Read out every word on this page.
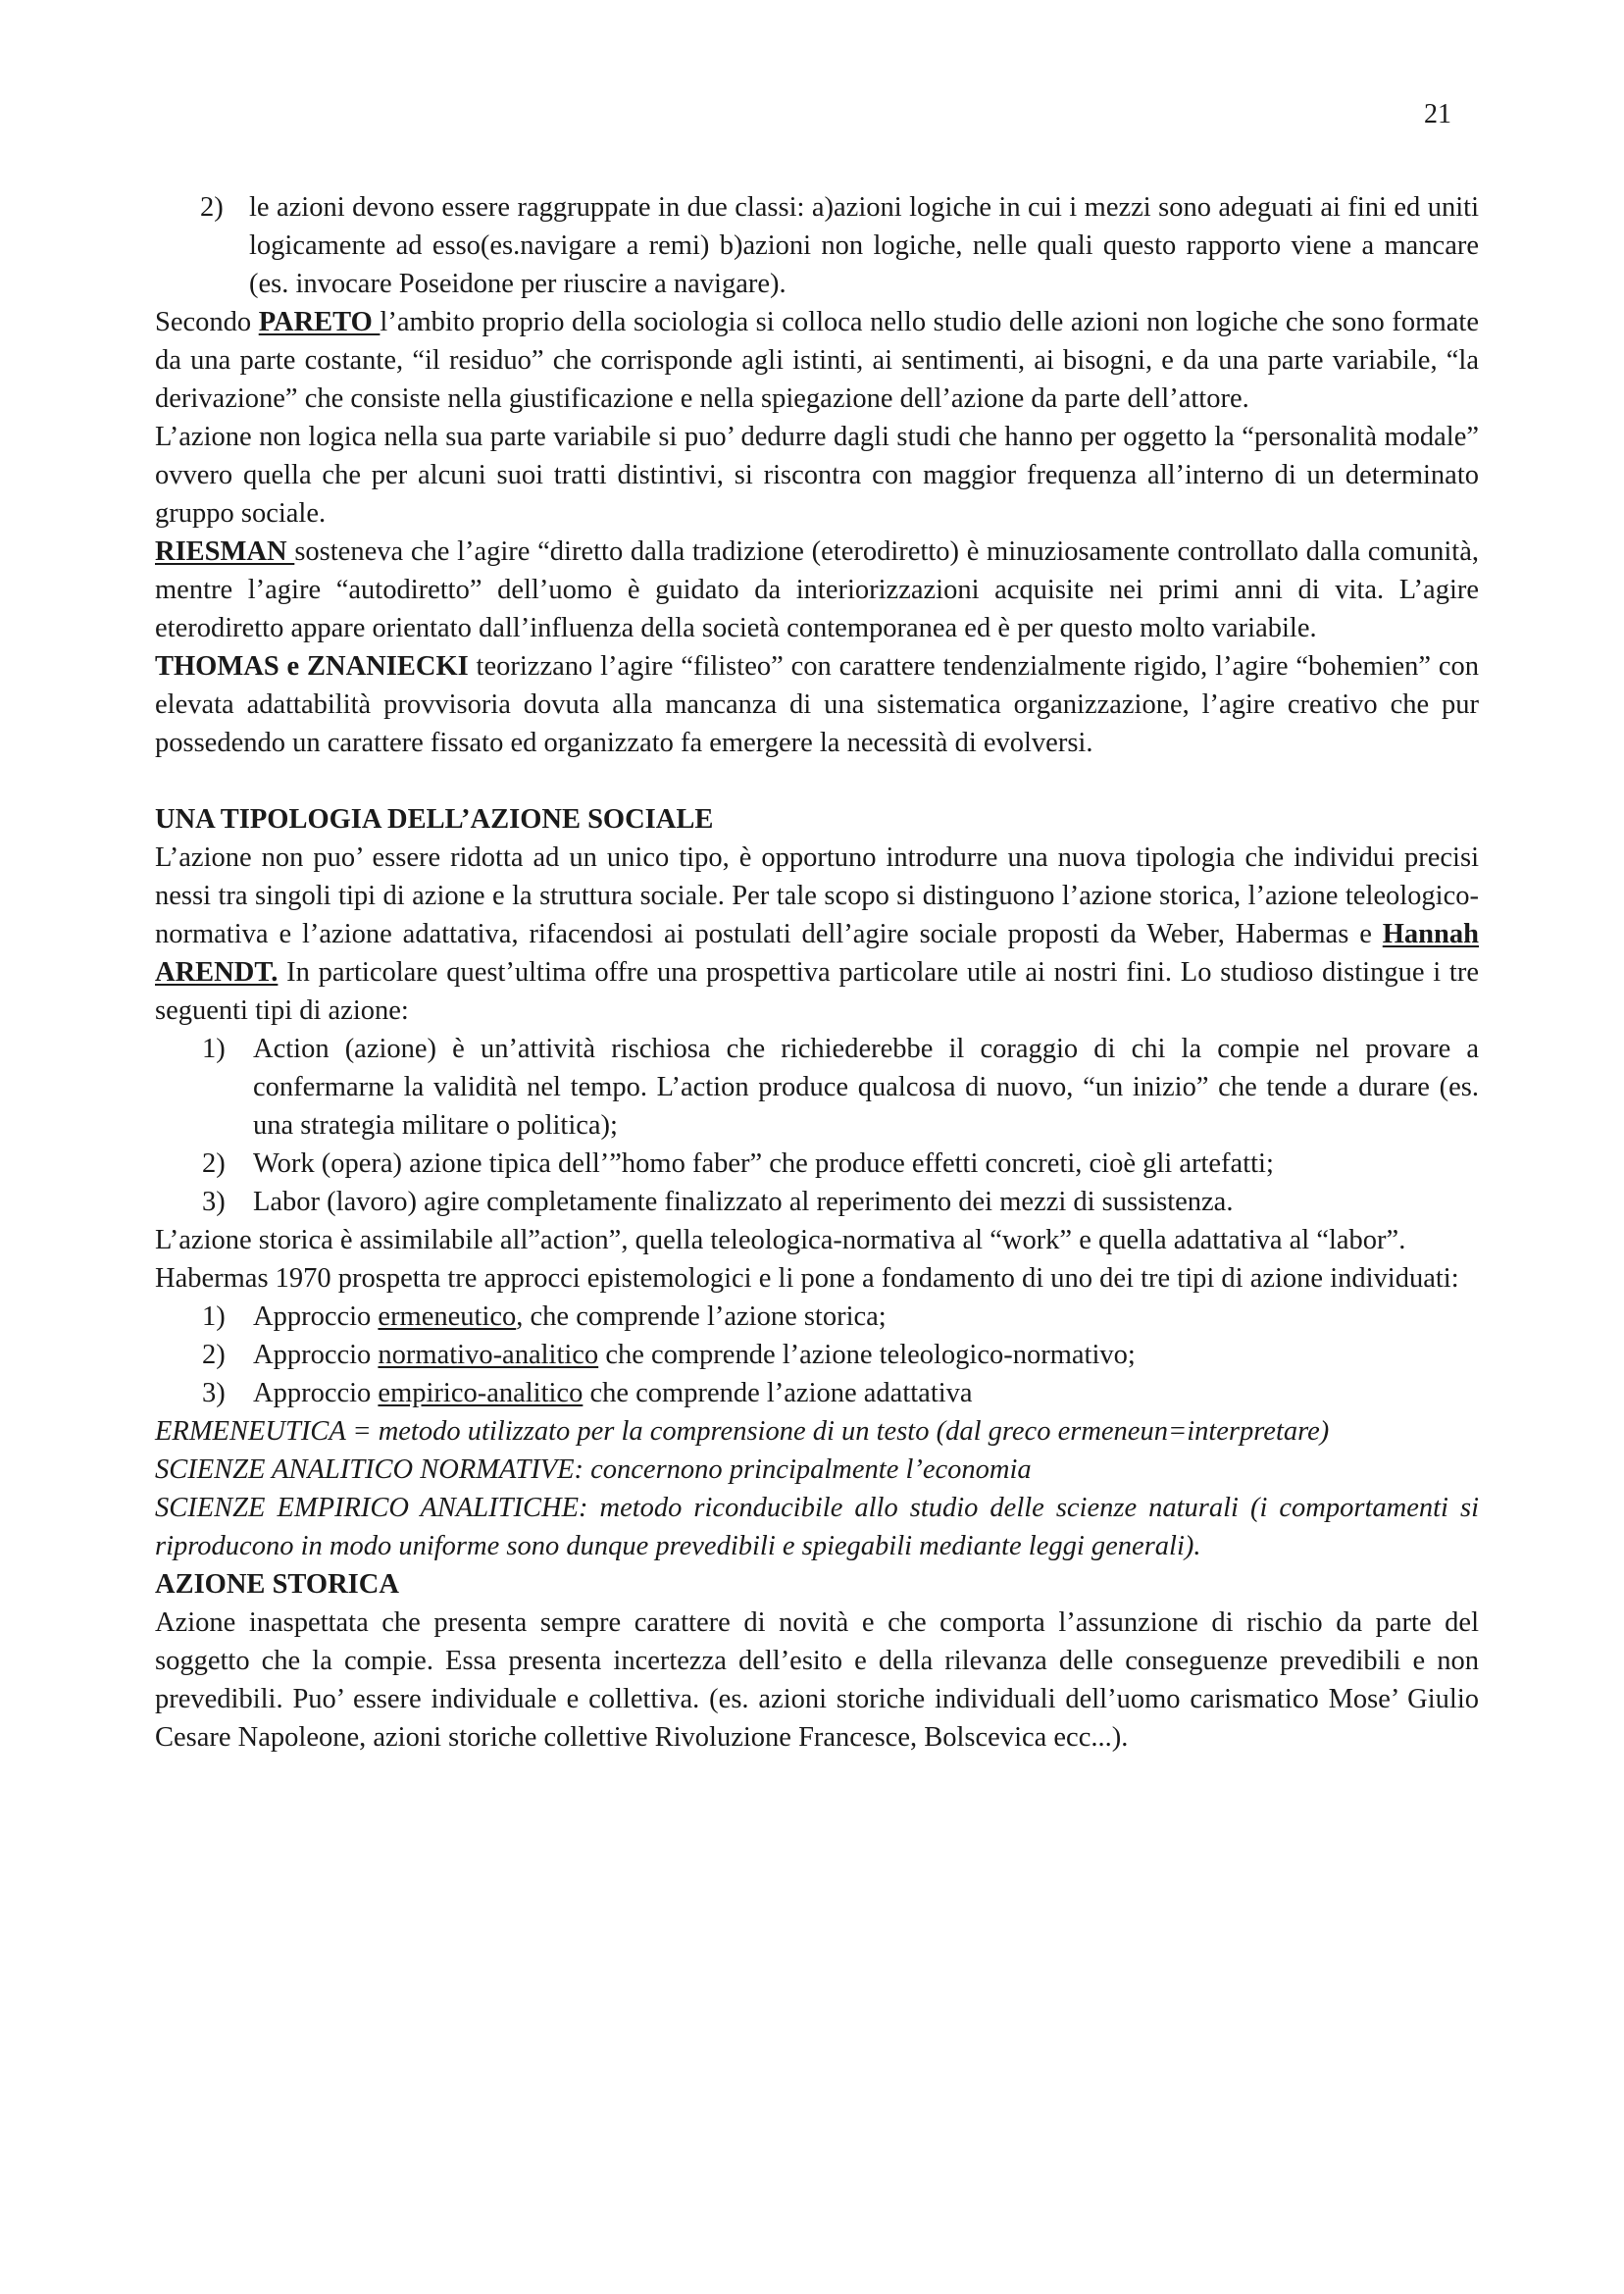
21
2) le azioni devono essere raggruppate in due classi: a)azioni logiche in cui i mezzi sono adeguati ai fini ed uniti logicamente ad esso(es.navigare a remi) b)azioni non logiche, nelle quali questo rapporto viene a mancare (es. invocare Poseidone per riuscire a navigare).

Secondo PARETO l’ambito proprio della sociologia si colloca nello studio delle azioni non logiche che sono formate da una parte costante, “il residuo” che corrisponde agli istinti, ai sentimenti, ai bisogni, e da una parte variabile, “la derivazione” che consiste nella giustificazione e nella spiegazione dell’azione da parte dell’attore.

L’azione non logica nella sua parte variabile si puo’ dedurre dagli studi che hanno per oggetto la “personalità modale” ovvero quella che per alcuni suoi tratti distintivi, si riscontra con maggior frequenza all’interno di un determinato gruppo sociale.

RIESMAN sosteneva che l’agire “diretto dalla tradizione (eterodiretto) è minuziosamente controllato dalla comunità, mentre l’agire “autodiretto” dell’uomo è guidato da interiorizzazioni acquisite nei primi anni di vita. L’agire eterodiretto appare orientato dall’influenza della società contemporanea ed è per questo molto variabile.

THOMAS e ZNANIECKI teorizzano l’agire “filisteo” con carattere tendenzialmente rigido, l’agire “bohemien” con elevata adattabilità provvisoria dovuta alla mancanza di una sistematica organizzazione, l’agire creativo che pur possedendo un carattere fissato ed organizzato fa emergere la necessità di evolversi.

UNA TIPOLOGIA DELL’AZIONE SOCIALE

L’azione non puo’ essere ridotta ad un unico tipo, è opportuno introdurre una nuova tipologia che individui precisi nessi tra singoli tipi di azione e la struttura sociale. Per tale scopo si distinguono l’azione storica, l’azione teleologico-normativa e l’azione adattativa, rifacendosi ai postulati dell’agire sociale proposti da Weber, Habermas e Hannah ARENDT. In particolare quest’ultima offre una prospettiva particolare utile ai nostri fini. Lo studioso distingue i tre seguenti tipi di azione:

1) Action (azione) è un’attività rischiosa che richiederebbe il coraggio di chi la compie nel provare a confermarne la validità nel tempo. L’action produce qualcosa di nuovo, “un inizio” che tende a durare (es. una strategia militare o politica);
2) Work (opera) azione tipica dell’”homo faber” che produce effetti concreti, cioè gli artefatti;
3) Labor (lavoro) agire completamente finalizzato al reperimento dei mezzi di sussistenza.

L’azione storica è assimilabile all”action”, quella teleologica-normativa al “work” e quella adattativa al “labor”.

Habermas 1970 prospetta tre approcci epistemologici e li pone a fondamento di uno dei tre tipi di azione individuati:

1) Approccio ermeneutico, che comprende l’azione storica;
2) Approccio normativo-analitico che comprende l’azione teleologico-normativo;
3) Approccio empirico-analitico che comprende l’azione adattativa

ERMENEUTICA = metodo utilizzato per la comprensione di un testo (dal greco ermeneun=interpretare)

SCIENZE ANALITICO NORMATIVE: concernono principalmente l’economia

SCIENZE EMPIRICO ANALITICHE: metodo riconducibile allo studio delle scienze naturali (i comportamenti si riproducono in modo uniforme sono dunque prevedibili e spiegabili mediante leggi generali).

AZIONE STORICA

Azione inaspettata che presenta sempre carattere di novità e che comporta l’assunzione di rischio da parte del soggetto che la compie. Essa presenta incertezza dell’esito e della rilevanza delle conseguenze prevedibili e non prevedibili. Puo’ essere individuale e collettiva. (es. azioni storiche individuali dell’uomo carismatico Mose’ Giulio Cesare Napoleone, azioni storiche collettive Rivoluzione Francesce, Bolscevica ecc...).
